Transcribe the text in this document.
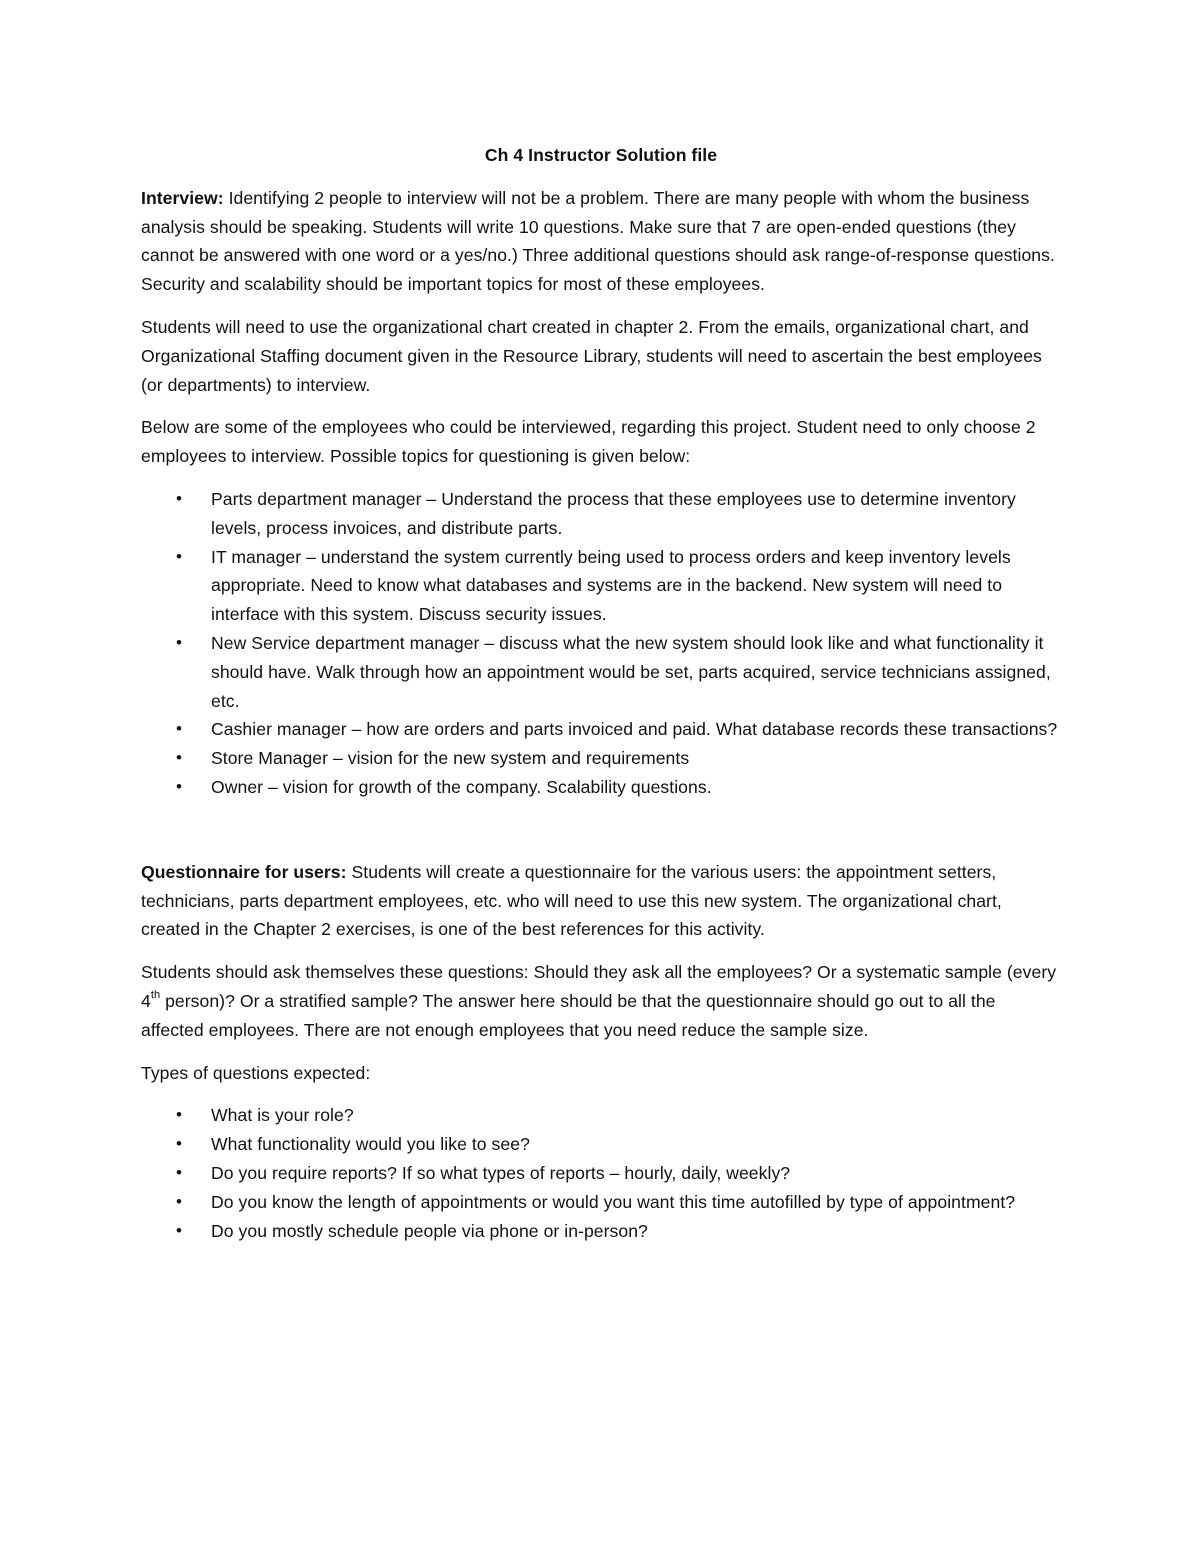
Ch 4 Instructor Solution file

Interview: Identifying 2 people to interview will not be a problem. There are many people with whom the business analysis should be speaking. Students will write 10 questions. Make sure that 7 are open-ended questions (they cannot be answered with one word or a yes/no.) Three additional questions should ask range-of-response questions. Security and scalability should be important topics for most of these employees.

Students will need to use the organizational chart created in chapter 2. From the emails, organizational chart, and Organizational Staffing document given in the Resource Library, students will need to ascertain the best employees (or departments) to interview.

Below are some of the employees who could be interviewed, regarding this project. Student need to only choose 2 employees to interview. Possible topics for questioning is given below:

• Parts department manager – Understand the process that these employees use to determine inventory levels, process invoices, and distribute parts.
• IT manager – understand the system currently being used to process orders and keep inventory levels appropriate. Need to know what databases and systems are in the backend. New system will need to interface with this system. Discuss security issues.
• New Service department manager – discuss what the new system should look like and what functionality it should have. Walk through how an appointment would be set, parts acquired, service technicians assigned, etc.
• Cashier manager – how are orders and parts invoiced and paid. What database records these transactions?
• Store Manager – vision for the new system and requirements
• Owner – vision for growth of the company. Scalability questions.

Questionnaire for users: Students will create a questionnaire for the various users: the appointment setters, technicians, parts department employees, etc. who will need to use this new system. The organizational chart, created in the Chapter 2 exercises, is one of the best references for this activity.

Students should ask themselves these questions: Should they ask all the employees? Or a systematic sample (every 4th person)? Or a stratified sample? The answer here should be that the questionnaire should go out to all the affected employees. There are not enough employees that you need reduce the sample size.

Types of questions expected:

• What is your role?
• What functionality would you like to see?
• Do you require reports? If so what types of reports – hourly, daily, weekly?
• Do you know the length of appointments or would you want this time autofilled by type of appointment?
• Do you mostly schedule people via phone or in-person?
